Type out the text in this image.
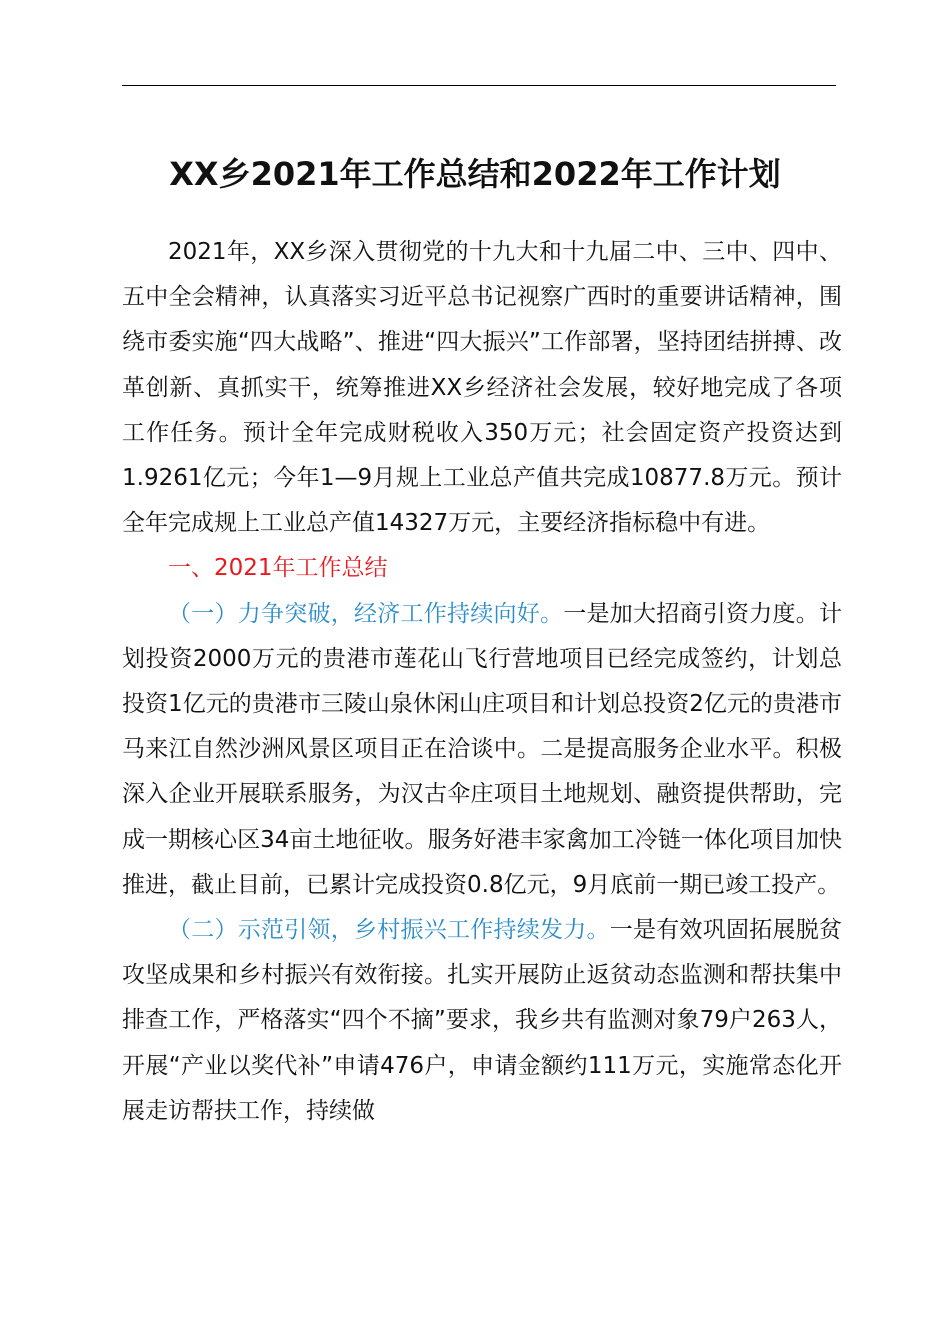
XX乡2021年工作总结和2022年工作计划

2021年，XX乡深入贯彻党的十九大和十九届二中、三中、四中、五中全会精神，认真落实习近平总书记视察广西时的重要讲话精神，围绕市委实施“四大战略”、推进“四大振兴”工作部署，坚持团结拼搏、改革创新、真抓实干，统筹推进XX乡经济社会发展，较好地完成了各项工作任务。预计全年完成财税收入350万元；社会固定资产投资达到1.9261亿元；今年1—9月规上工业总产值共完成10877.8万元。预计全年完成规上工业总产值14327万元，主要经济指标稳中有进。

一、2021年工作总结

（一）力争突破，经济工作持续向好。一是加大招商引资力度。计划投资2000万元的贵港市莲花山飞行营地项目已经完成签约，计划总投资1亿元的贵港市三陵山泉休闲山庄项目和计划总投资2亿元的贵港市马来江自然沙洲风景区项目正在洽谈中。二是提高服务企业水平。积极深入企业开展联系服务，为汉古伞庄项目土地规划、融资提供帮助，完成一期核心区34亩土地征收。服务好港丰家禽加工冷链一体化项目加快推进，截止目前，已累计完成投资0.8亿元，9月底前一期已竣工投产。

（二）示范引领，乡村振兴工作持续发力。一是有效巩固拓展脱贫攻坚成果和乡村振兴有效衔接。扎实开展防止返贫动态监测和帮扶集中排查工作，严格落实“四个不摘”要求，我乡共有监测对象79户263人，开展“产业以奖代补”申请476户，申请金额约111万元，实施常态化开展走访帮扶工作，持续做
